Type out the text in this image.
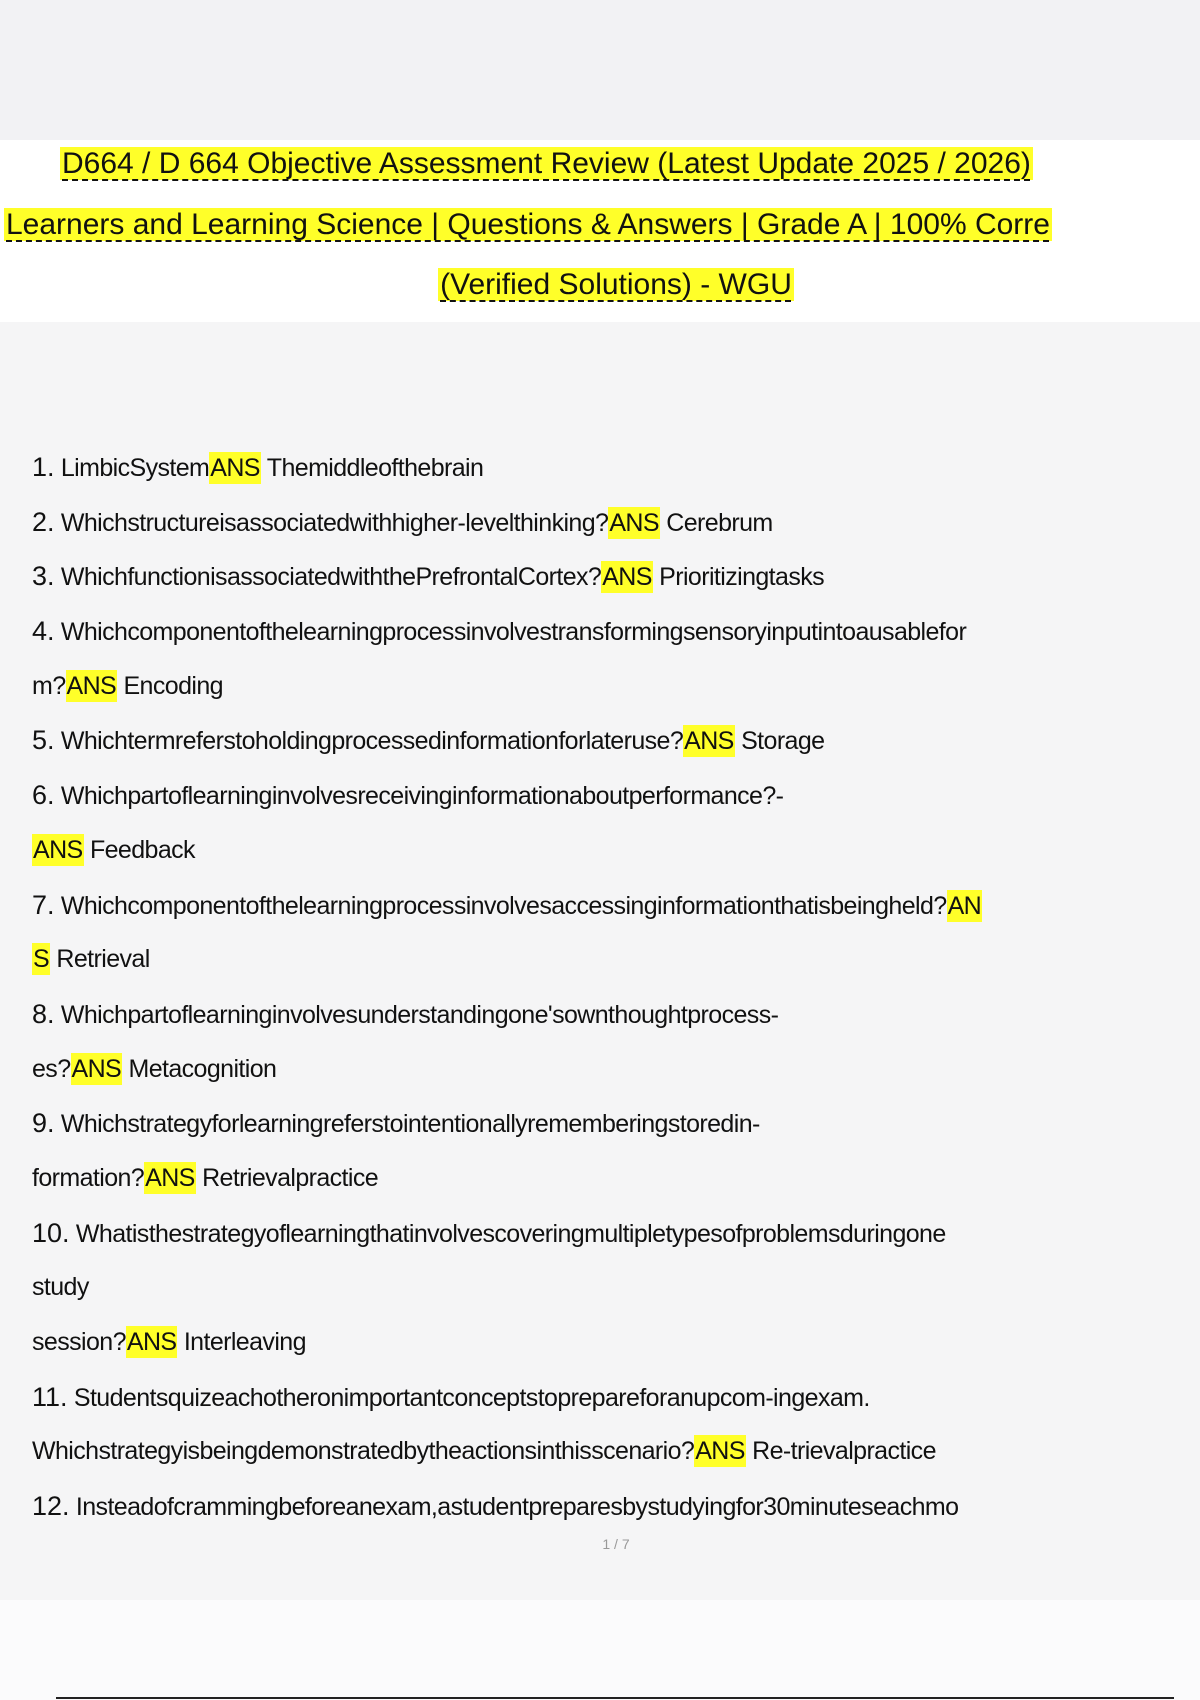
D664 / D 664 Objective Assessment Review (Latest Update 2025 / 2026)
Learners and Learning Science | Questions & Answers | Grade A | 100% Corre
(Verified Solutions) - WGU
1. LimbicSystemANS Themiddleofthebrain
2. Whichstructureisassociatedwithhigher-levelthinking?ANS Cerebrum
3. WhichfunctionisassociatedwiththePrefrontalCortex?ANS Prioritizingtasks
4. Whichcomponentofthelearningprocessinvolvestransformingsensoryinputintoausablefor
m?ANS Encoding
5. Whichtermreferstoholdingprocessedinformationforlateruse?ANS Storage
6. Whichpartoflearninginvolvesreceivinginformationaboutperformance?-
ANS Feedback
7. Whichcomponentofthelearningprocessinvolvesaccessinginformationthatisbeingheld?AN
S Retrieval
8. Whichpartoflearninginvolvesunderstandingone'sownthoughtprocess-
es?ANS Metacognition
9. Whichstrategyforlearningreferstointentionallyrememberingstoredin-
formation?ANS Retrievalpractice
10. Whatisthestrategyoflearningthatinvolvescoveringmultipletypesofproblemsduringone
study
session?ANS Interleaving
11. Studentsquizeachotheronimportantconceptstoprepareforanupcom-ingexam.
Whichstrategyisbeingdemonstratedbytheactionsinthisscenario?ANS Re-trievalpractice
12. Insteadofcrammingbeforeanexam,astudentpreparesbystudyingfor30minuteseachmo
1 / 7
